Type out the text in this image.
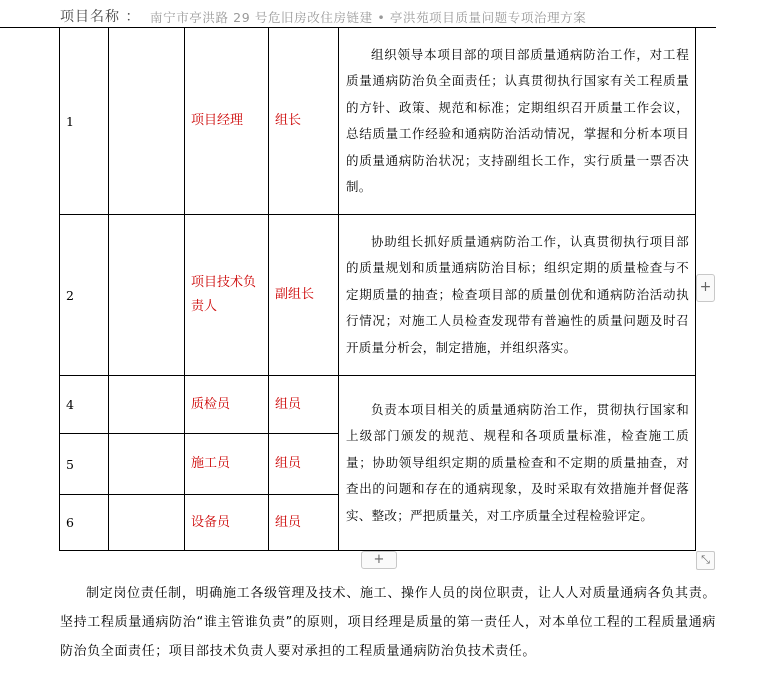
项目名称 ： 南宁市亭洪路 29 号危旧房改住房链建 • 亭洪苑项目质量问题专项治理方案
1		项目经理	组长	组织领导本项目部的项目部质量通病防治工作，对工程质量通病防治负全面责任；认真贯彻执行国家有关工程质量的方针、政策、规范和标准；定期组织召开质量工作会议，总结质量工作经验和通病防治活动情况，掌握和分析本项目的质量通病防治状况；支持副组长工作，实行质量一票否决制。
2		项目技术负责人	副组长	协助组长抓好质量通病防治工作，认真贯彻执行项目部的质量规划和质量通病防治目标；组织定期的质量检查与不定期质量的抽查；检查项目部的质量创优和通病防治活动执行情况；对施工人员检查发现带有普遍性的质量问题及时召开质量分析会，制定措施，并组织落实。
4		质检员	组员	负责本项目相关的质量通病防治工作，贯彻执行国家和上级部门颁发的规范、规程和各项质量标准，检查施工质量；协助领导组织定期的质量检查和不定期的质量抽查，对查出的问题和存在的通病现象，及时采取有效措施并督促落实、整改；严把质量关，对工序质量全过程检验评定。
5		施工员	组员	
6		设备员	组员	
+
+	⤡
制定岗位责任制，明确施工各级管理及技术、施工、操作人员的岗位职责，让人人对质量通病各负其责。坚持工程质量通病防治“谁主管谁负责”的原则，项目经理是质量的第一责任人，对本单位工程的工程质量通病防治负全面责任；项目部技术负责人要对承担的工程质量通病防治负技术责任。
